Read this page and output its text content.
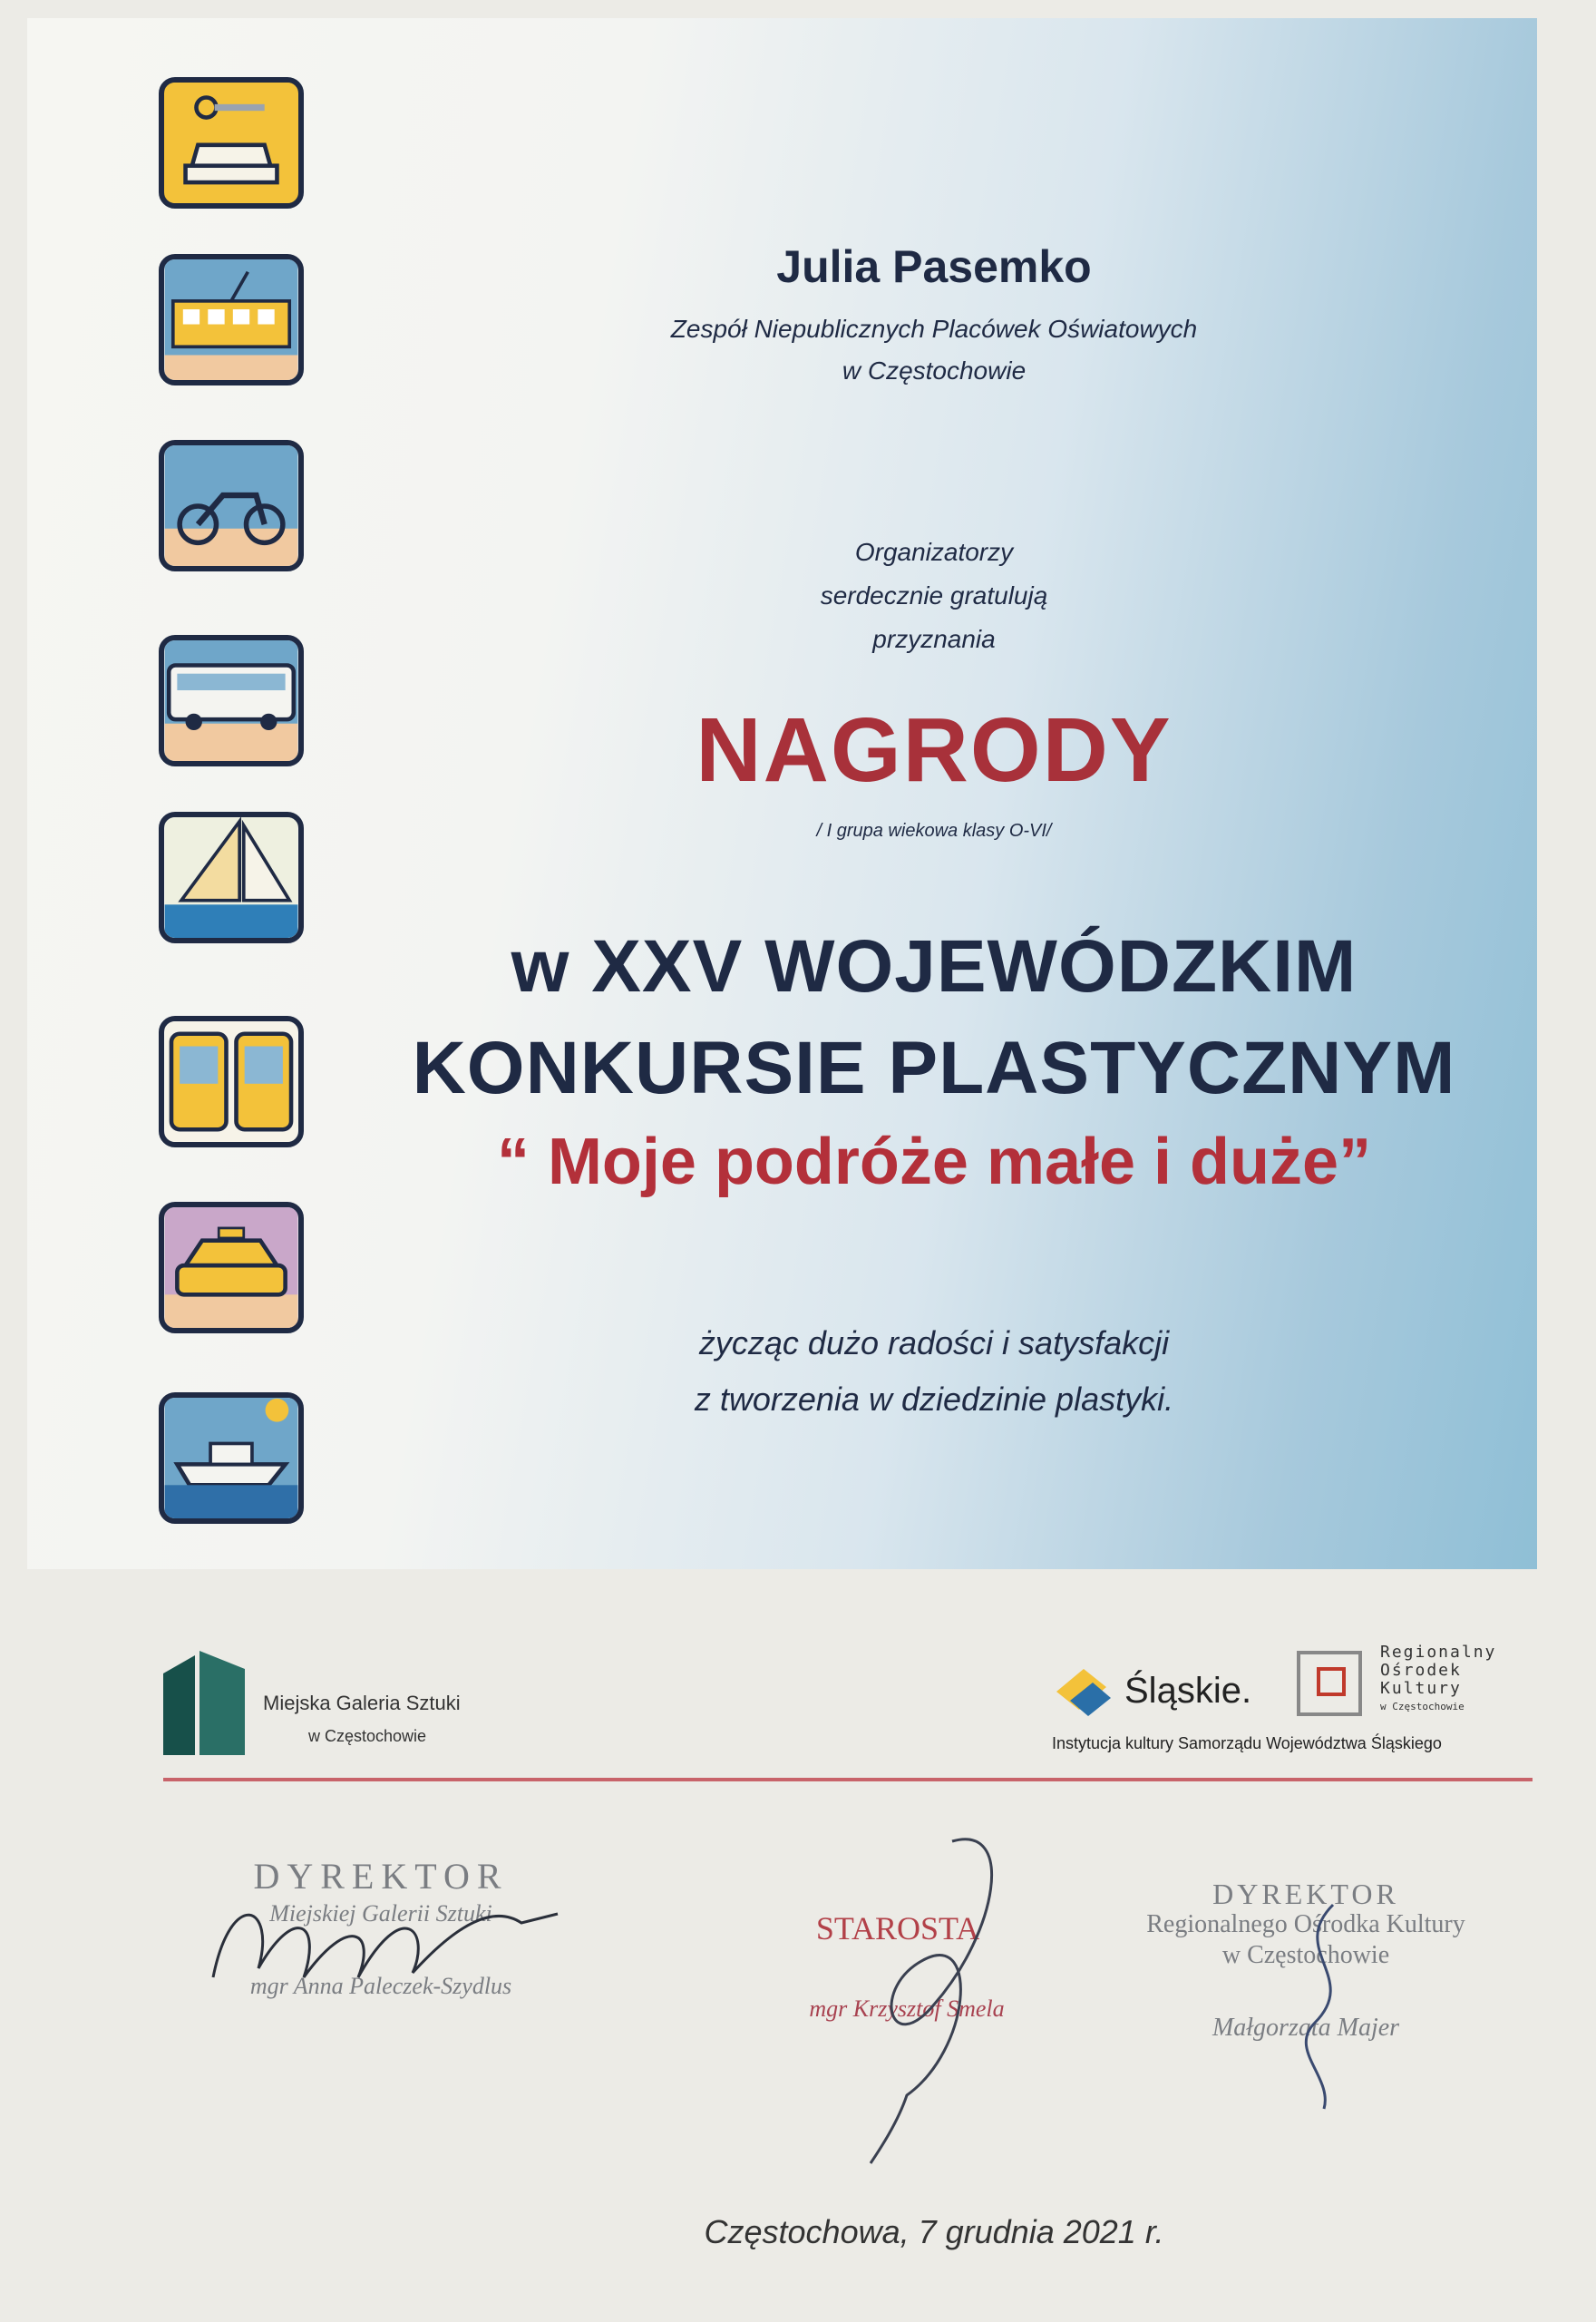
Julia Pasemko
Zespół Niepublicznych Placówek Oświatowych
w Częstochowie
Organizatorzy
serdecznie gratulują
przyznania
NAGRODY
/ I grupa wiekowa klasy O-VI/
w XXV WOJEWÓDZKIM
KONKURSIE PLASTYCZNYM
“ Moje podróże małe i duże”
życząc dużo radości i satysfakcji
z tworzenia w dziedzinie plastyki.
Miejska Galeria Sztuki
w Częstochowie
Śląskie.
Regionalny
Ośrodek
Kultury
w Częstochowie
Instytucja kultury Samorządu Województwa Śląskiego
DYREKTOR
Miejskiej Galerii Sztuki
mgr Anna Paleczek-Szydlus
STAROSTA
mgr Krzysztof Smela
DYREKTOR
Regionalnego Ośrodka Kultury
w Częstochowie
Małgorzata Majer
Częstochowa, 7 grudnia 2021 r.
